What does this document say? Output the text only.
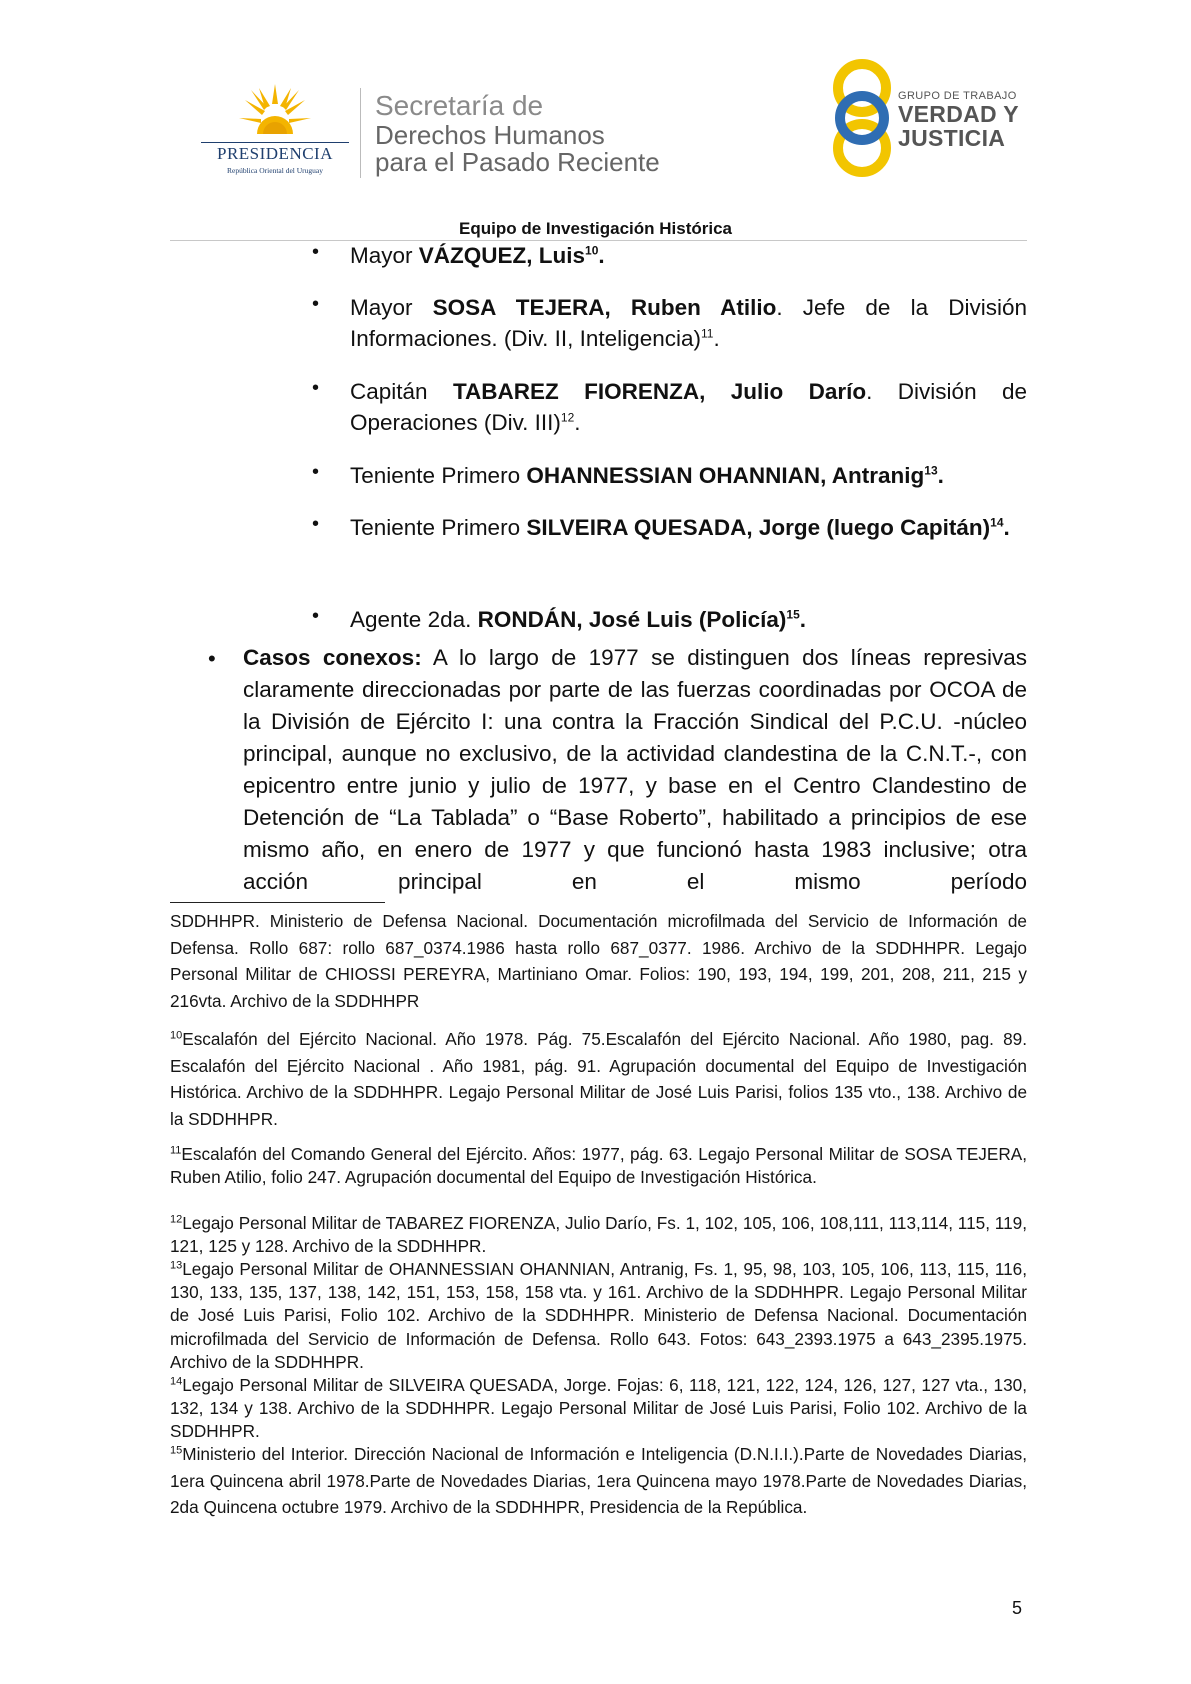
PRESIDENCIA
República Oriental del Uruguay
Secretaría de
Derechos Humanos
para el Pasado Reciente
GRUPO DE TRABAJO
VERDAD Y
JUSTICIA
Equipo de Investigación Histórica
• Mayor VÁZQUEZ, Luis$^{10}$.
• Mayor SOSA TEJERA, Ruben Atilio. Jefe de la División Informaciones. (Div. II, Inteligencia)$^{11}$.
• Capitán TABAREZ FIORENZA, Julio Darío. División de Operaciones (Div. III)$^{12}$.
• Teniente Primero OHANNESSIAN OHANNIAN, Antranig$^{13}$.
• Teniente Primero SILVEIRA QUESADA, Jorge (luego Capitán)$^{14}$.
• Agente 2da. RONDÁN, José Luis (Policía)$^{15}$.
• Casos conexos: A lo largo de 1977 se distinguen dos líneas represivas claramente direccionadas por parte de las fuerzas coordinadas por OCOA de la División de Ejército I: una contra la Fracción Sindical del P.C.U. -núcleo principal, aunque no exclusivo, de la actividad clandestina de la C.N.T.-, con epicentro entre junio y julio de 1977, y base en el Centro Clandestino de Detención de “La Tablada” o “Base Roberto”, habilitado a principios de ese mismo año, en enero de 1977 y que funcionó hasta 1983 inclusive; otra acción principal en el mismo período
SDDHHPR. Ministerio de Defensa Nacional. Documentación microfilmada del Servicio de Información de Defensa. Rollo 687: rollo 687_0374.1986 hasta rollo 687_0377. 1986. Archivo de la SDDHHPR. Legajo Personal Militar de CHIOSSI PEREYRA, Martiniano Omar. Folios: 190, 193, 194, 199, 201, 208, 211, 215 y 216vta. Archivo de la SDDHHPR
$^{10}$Escalafón del Ejército Nacional. Año 1978. Pág. 75.Escalafón del Ejército Nacional. Año 1980, pag. 89. Escalafón del Ejército Nacional . Año 1981, pág. 91. Agrupación documental del Equipo de Investigación Histórica. Archivo de la SDDHHPR. Legajo Personal Militar de José Luis Parisi, folios 135 vto., 138. Archivo de la SDDHHPR.
$^{11}$Escalafón del Comando General del Ejército. Años: 1977, pág. 63. Legajo Personal Militar de SOSA TEJERA, Ruben Atilio, folio 247. Agrupación documental del Equipo de Investigación Histórica.
$^{12}$Legajo Personal Militar de TABAREZ FIORENZA, Julio Darío, Fs. 1, 102, 105, 106, 108,111, 113,114, 115, 119, 121, 125 y 128. Archivo de la SDDHHPR.
$^{13}$Legajo Personal Militar de OHANNESSIAN OHANNIAN, Antranig, Fs. 1, 95, 98, 103, 105, 106, 113, 115, 116, 130, 133, 135, 137, 138, 142, 151, 153, 158, 158 vta. y 161. Archivo de la SDDHHPR. Legajo Personal Militar de José Luis Parisi, Folio 102. Archivo de la SDDHHPR. Ministerio de Defensa Nacional. Documentación microfilmada del Servicio de Información de Defensa. Rollo 643. Fotos: 643_2393.1975 a 643_2395.1975. Archivo de la SDDHHPR.
$^{14}$Legajo Personal Militar de SILVEIRA QUESADA, Jorge. Fojas: 6, 118, 121, 122, 124, 126, 127, 127 vta., 130, 132, 134 y 138. Archivo de la SDDHHPR. Legajo Personal Militar de José Luis Parisi, Folio 102. Archivo de la SDDHHPR.
$^{15}$Ministerio del Interior. Dirección Nacional de Información e Inteligencia (D.N.I.I.).Parte de Novedades Diarias, 1era Quincena abril 1978.Parte de Novedades Diarias, 1era Quincena mayo 1978.Parte de Novedades Diarias, 2da Quincena octubre 1979. Archivo de la SDDHHPR, Presidencia de la República.
5
